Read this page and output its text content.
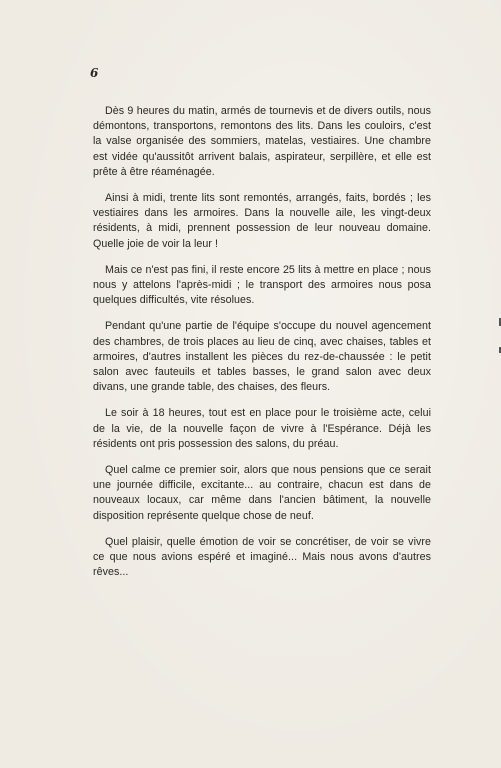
6

Dès 9 heures du matin, armés de tournevis et de divers outils, nous démontons, transportons, remontons des lits. Dans les couloirs, c'est la valse organisée des sommiers, matelas, vestiaires. Une chambre est vidée qu'aussitôt arrivent balais, aspirateur, serpillère, et elle est prête à être réaménagée.

Ainsi à midi, trente lits sont remontés, arrangés, faits, bordés ; les vestiaires dans les armoires. Dans la nouvelle aile, les vingt-deux résidents, à midi, prennent possession de leur nouveau domaine. Quelle joie de voir la leur !

Mais ce n'est pas fini, il reste encore 25 lits à mettre en place ; nous nous y attelons l'après-midi ; le transport des armoires nous posa quelques difficultés, vite résolues.

Pendant qu'une partie de l'équipe s'occupe du nouvel agencement des chambres, de trois places au lieu de cinq, avec chaises, tables et armoires, d'autres installent les pièces du rez-de-chaussée : le petit salon avec fauteuils et tables basses, le grand salon avec deux divans, une grande table, des chaises, des fleurs.

Le soir à 18 heures, tout est en place pour le troisième acte, celui de la vie, de la nouvelle façon de vivre à l'Espérance. Déjà les résidents ont pris possession des salons, du préau.

Quel calme ce premier soir, alors que nous pensions que ce serait une journée difficile, excitante... au contraire, chacun est dans de nouveaux locaux, car même dans l'ancien bâtiment, la nouvelle disposition représente quelque chose de neuf.

Quel plaisir, quelle émotion de voir se concrétiser, de voir se vivre ce que nous avions espéré et imaginé... Mais nous avons d'autres rêves...
